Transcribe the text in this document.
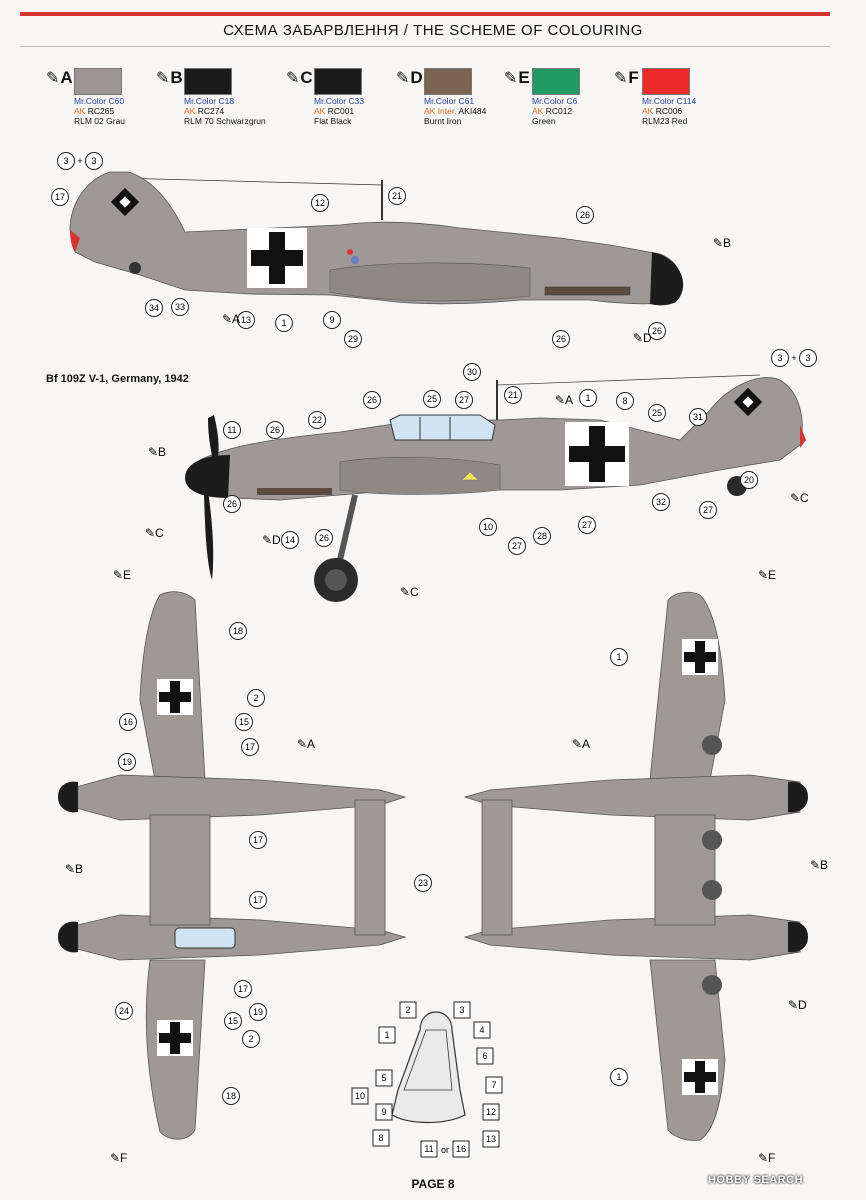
СХЕМА ЗАБАРВЛЕННЯ / THE SCHEME OF COLOURING
✎A
Mr.Color C60
AK RC265
RLM 02 Grau
✎B
Mr.Color C18
AK RC274
RLM 70 Schwarzgrun
✎C
Mr.Color C33
AK RC001
Flat Black
✎D
Mr.Color C61
AK Inter. AKI484
Burnt Iron
✎E
Mr.Color C6
AK RC012
Green
✎F
Mr.Color C114
AK RC006
RLM23 Red
Bf 109Z V-1, Germany, 1942
3	3
17
12
21
26
34 33
13	1	9
29	26
26
30
21
26	25 27	1	8
25	31
11	26
22
26
14	26
10
27
28
27
32
27
20
18
2
16	15
19
17
17
17
23
17
24
15
19
2
18
1
1
2	3
1	4
6
5
7
10
9	12
8
11 16
13
+
+
3	3
or
✎A
✎B
✎D
✎A
✎B
✎C	✎D
✎C
✎C
✎E	✎E
✎A	✎A
✎B	✎B
✎D
✎F	✎F
PAGE 8	HOBBY SEARCH
